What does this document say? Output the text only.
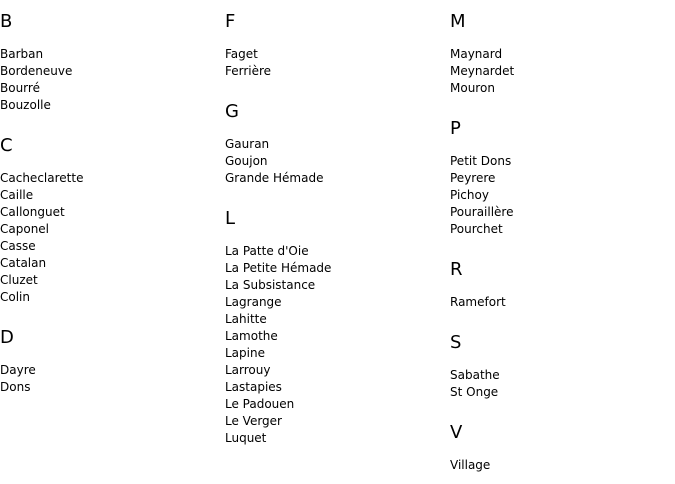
B
Barban
Bordeneuve
Bourré
Bouzolle
C
Cacheclarette
Caille
Callonguet
Caponel
Casse
Catalan
Cluzet
Colin
D
Dayre
Dons
F
Faget
Ferrière
G
Gauran
Goujon
Grande Hémade
L
La Patte d'Oie
La Petite Hémade
La Subsistance
Lagrange
Lahitte
Lamothe
Lapine
Larrouy
Lastapies
Le Padouen
Le Verger
Luquet
M
Maynard
Meynardet
Mouron
P
Petit Dons
Peyrere
Pichoy
Pouraillère
Pourchet
R
Ramefort
S
Sabathe
St Onge
V
Village
